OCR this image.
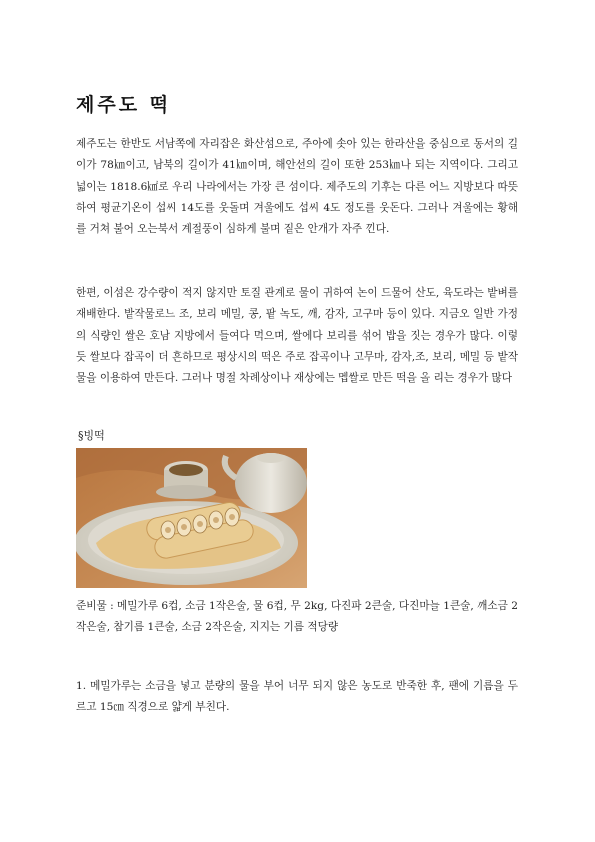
제주도 떡

제주도는 한반도 서남쪽에 자리잡은 화산섬으로, 주아에 솟아 있는 한라산을 중심으로 동서의 길이가 78㎞이고, 남북의 길이가 41㎞이며, 해안선의 길이 또한 253㎞나 되는 지역이다. 그리고 넓이는 1818.6㎢로 우리 나라에서는 가장 큰 섬이다. 제주도의 기후는 다른 어느 지방보다 따뜻하여 평균기온이 섭씨 14도를 웃돌며 겨울에도 섭씨 4도 정도를 웃돈다. 그러나 겨울에는 황해를 거쳐 불어 오는북서 계절풍이 심하게 불며 짙은 안개가 자주 낀다.

한편, 이섬은 강수량이 적지 않지만 토질 관계로 물이 귀하여 논이 드물어 산도, 육도라는 밭벼를 재배한다. 밭작물로느 조, 보리 메밀, 콩, 팥 녹도, 깨, 감자, 고구마 등이 있다. 지금오 일반 가정의 식량인 쌀은 호남 지방에서 들여다 먹으며, 쌀에다 보리를 섞어 밥을 짓는 경우가 많다. 이렇듯 쌀보다 잡곡이 더 흔하므로 평상시의 떡은 주로 잡곡이나 고무마, 감자,조, 보리, 메밀 등 밭작물을 이용하여 만든다. 그러나 명절 차례상이나 재상에는 멥쌀로 만든 떡을 올 리는 경우가 많다

§빙떡

준비물 : 메밀가루 6컵, 소금 1작은술, 물 6컵, 무 2kg, 다진파 2큰술, 다진마늘 1큰술, 깨소금 2작은술, 참기름 1큰술, 소금 2작은술, 지지는 기름 적당량

1. 메밀가루는 소금을 넣고 분량의 물을 부어 너무 되지 않은 농도로 반죽한 후, 팬에 기름을 두르고 15㎝ 직경으로 얇게 부친다.
